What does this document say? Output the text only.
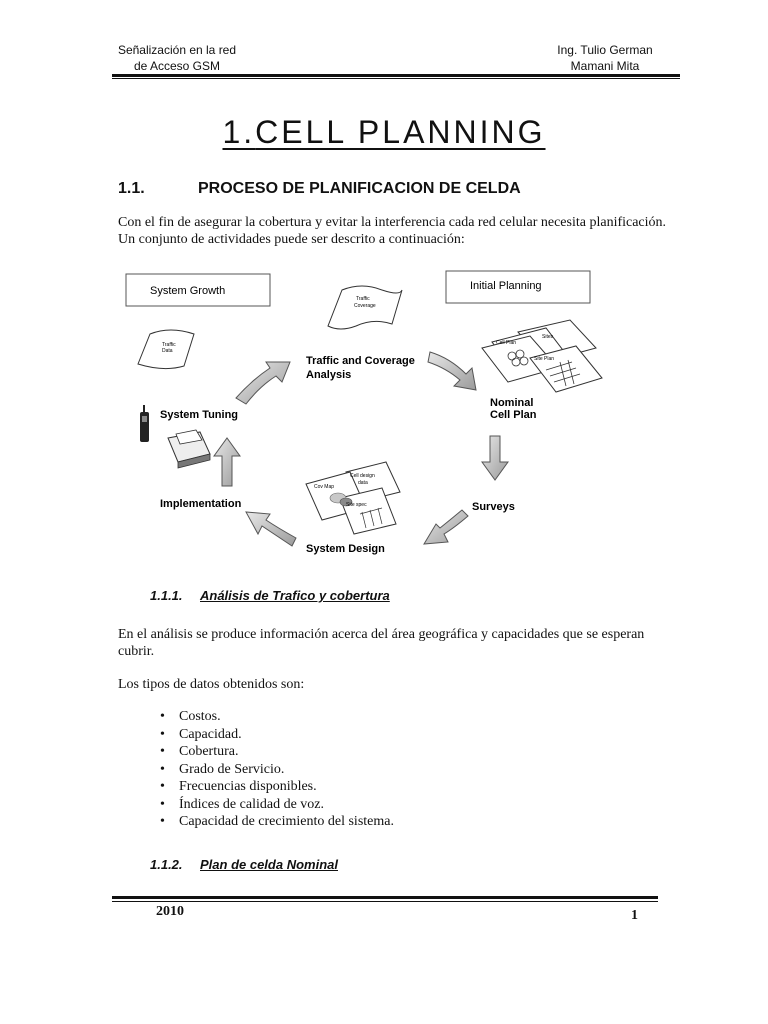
Señalización en la red
de Acceso GSM
Ing. Tulio German
Mamani Mita
1.CELL PLANNING
1.1.	PROCESO DE PLANIFICACION DE CELDA

Con el fin de asegurar la cobertura y evitar la interferencia cada red celular necesita planificación. Un conjunto de actividades puede ser descrito a continuación:

System Growth	Initial Planning
Traffic
Coverage
Traffic and Coverage
Analysis
Traffic
Data
Cell Plan
Sites
Site Plan
Nominal
Cell Plan
Surveys
Cell design
data
Cov Map
Site spec
System Design
Implementation
System Tuning
1.1.1. Análisis de Trafico y cobertura

En el análisis se produce información acerca del área geográfica y capacidades que se esperan cubrir.

Los tipos de datos obtenidos son:

• Costos.
• Capacidad.
• Cobertura.
• Grado de Servicio.
• Frecuencias disponibles.
• Índices de calidad de voz.
• Capacidad de crecimiento del sistema.
1.1.2. Plan de celda Nominal
2010	1
